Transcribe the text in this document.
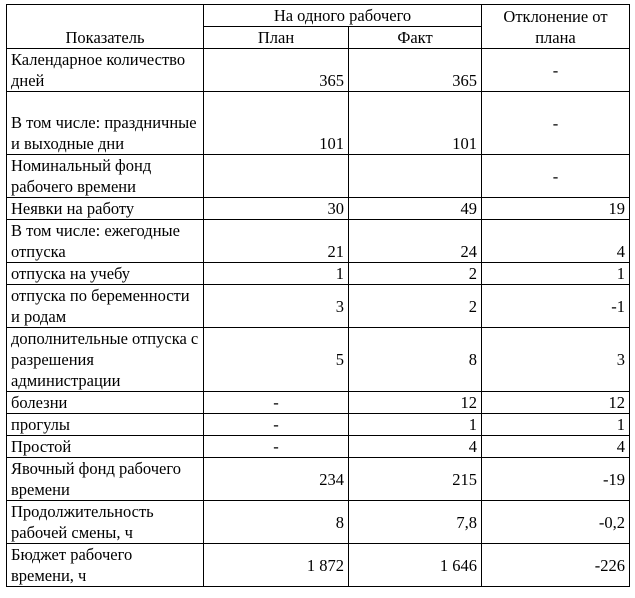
Показатель	На одного рабочего		Отклонение от плана
	План	Факт	
Календарное количество дней	365	365	-
В том числе: праздничные и выходные дни	101	101	-
Номинальный фонд рабочего времени			-
Неявки на работу	30	49	19
В том числе: ежегодные отпуска	21	24	4
отпуска на учебу	1	2	1
отпуска по беременности и родам	3	2	-1
дополнительные отпуска с разрешения администрации	5	8	3
болезни	-	12	12
прогулы	-	1	1
Простой	-	4	4
Явочный фонд рабочего времени	234	215	-19
Продолжительность рабочей смены, ч	8	7,8	-0,2
Бюджет рабочего времени, ч	1 872	1 646	-226
